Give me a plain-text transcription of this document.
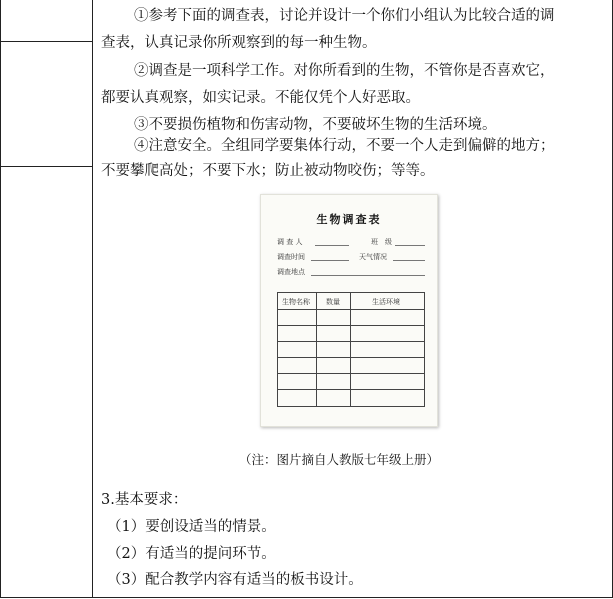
①参考下面的调查表，讨论并设计一个你们小组认为比较合适的调
查表，认真记录你所观察到的每一种生物。
②调查是一项科学工作。对你所看到的生物，不管你是否喜欢它，
都要认真观察，如实记录。不能仅凭个人好恶取。
③不要损伤植物和伤害动物，不要破坏生物的生活环境。
④注意安全。全组同学要集体行动，不要一个人走到偏僻的地方；
不要攀爬高处；不要下水；防止被动物咬伤；等等。
生物调查表
调 查 人	班　级
调查时间	天气情况
调查地点
生物名称 数量	生活环境
（注：图片摘自人教版七年级上册）
3.基本要求：
（1）要创设适当的情景。
（2）有适当的提问环节。
（3）配合教学内容有适当的板书设计。
